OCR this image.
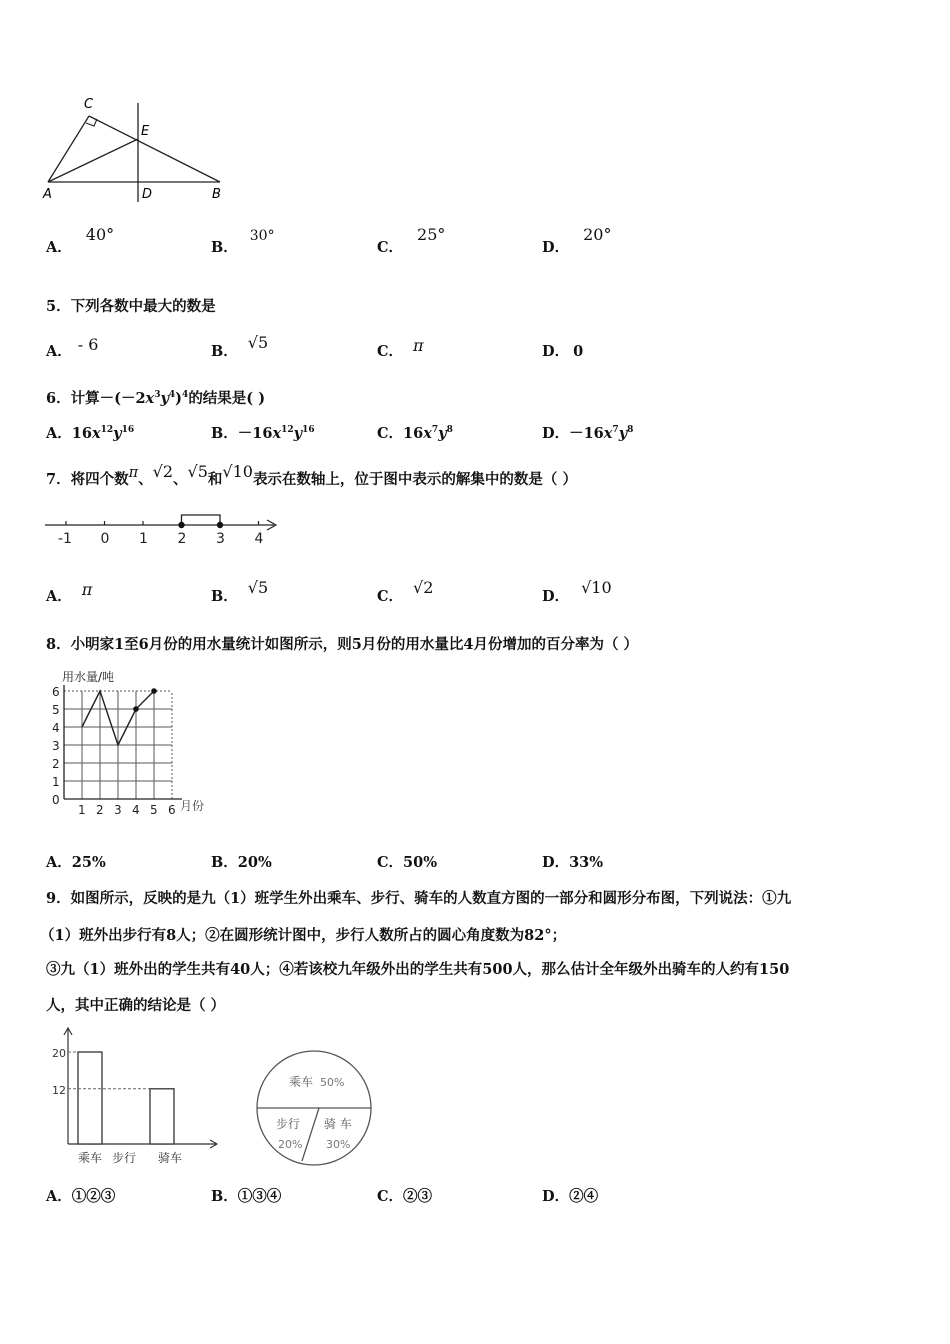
C
E
A	D	B
A．40°
B．30°
C．25°
D．20°
5．下列各数中最大的数是
A． - 6	B． √5	C． π	D． 0
6．计算$-(-2x^3y^4)^4$的结果是( )
A．$16x^{12}y^{16}$	B．$-16x^{12}y^{16}$	C．$16x^7y^8$	D．$-16x^7y^8$
7．将四个数π、√2、√5和√10表示在数轴上，位于图中表示的解集中的数是（ ）
-1 0 1 2 3 4
A． π	B． √5	C． √2	D． √10
8．小明家1至6月份的用水量统计如图所示，则5月份的用水量比4月份增加的百分率为（ ）
0
1
2
3
4
5
6
1 2 3 4 5 6
用水量/吨
月份
A．25%	B．20%	C．50%	D．33%
9．如图所示，反映的是九（1）班学生外出乘车、步行、骑车的人数直方图的一部分和圆形分布图，下列说法：①九
（1）班外出步行有8人；②在圆形统计图中，步行人数所占的圆心角度数为82°；
③九（1）班外出的学生共有40人；④若该校九年级外出的学生共有500人，那么估计全年级外出骑车的人约有150
人，其中正确的结论是（ ）
20
12
乘车 步行 骑车
乘车 50%
步行
20%
骑 车
30%
A．①②③	B．①③④	C．②③	D．②④
